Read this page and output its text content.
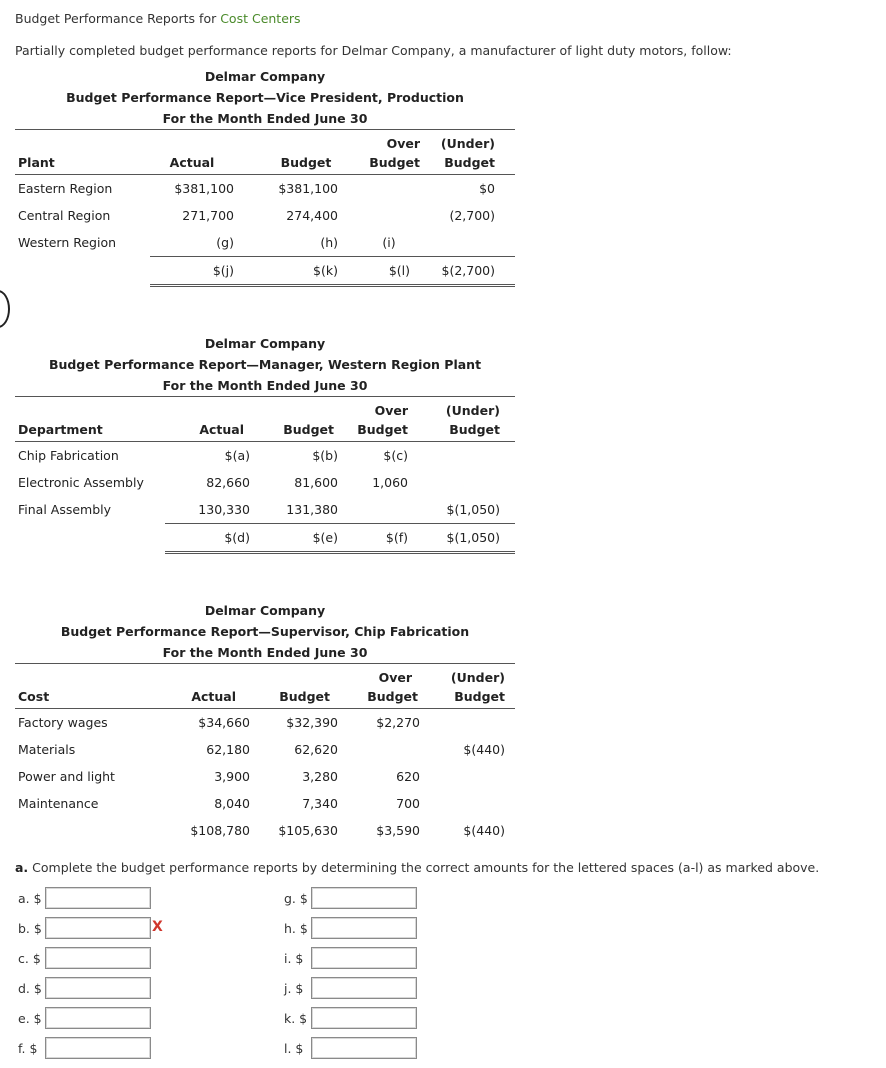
Budget Performance Reports for Cost Centers
Partially completed budget performance reports for Delmar Company, a manufacturer of light duty motors, follow:
Delmar Company
Budget Performance Report—Vice President, Production
For the Month Ended June 30
			Over	(Under)	
Plant	Actual	Budget	Budget	Budget	
Eastern Region	$381,100	$381,100		$0	
Central Region	271,700	274,400		(2,700)	
Western Region	(g)	(h)	(i)		
	$(j)	$(k)	$(l)	$(2,700)	
Delmar Company
Budget Performance Report—Manager, Western Region Plant
For the Month Ended June 30
			Over	(Under)	
Department	Actual	Budget	Budget	Budget	
Chip Fabrication	$(a)	$(b)	$(c)		
Electronic Assembly	82,660	81,600	1,060		
Final Assembly	130,330	131,380		$(1,050)	
	$(d)	$(e)	$(f)	$(1,050)	
Delmar Company
Budget Performance Report—Supervisor, Chip Fabrication
For the Month Ended June 30
			Over	(Under)	
Cost	Actual	Budget	Budget	Budget	
Factory wages	$34,660	$32,390	$2,270		
Materials	62,180	62,620		$(440)	
Power and light	3,900	3,280	620		
Maintenance	8,040	7,340	700		
	$108,780	$105,630	$3,590	$(440)	
a. Complete the budget performance reports by determining the correct amounts for the lettered spaces (a-l) as marked above.
a. $
b. $	X
c. $
d. $
e. $
f. $
g. $
h. $
i. $
j. $
k. $
l. $
